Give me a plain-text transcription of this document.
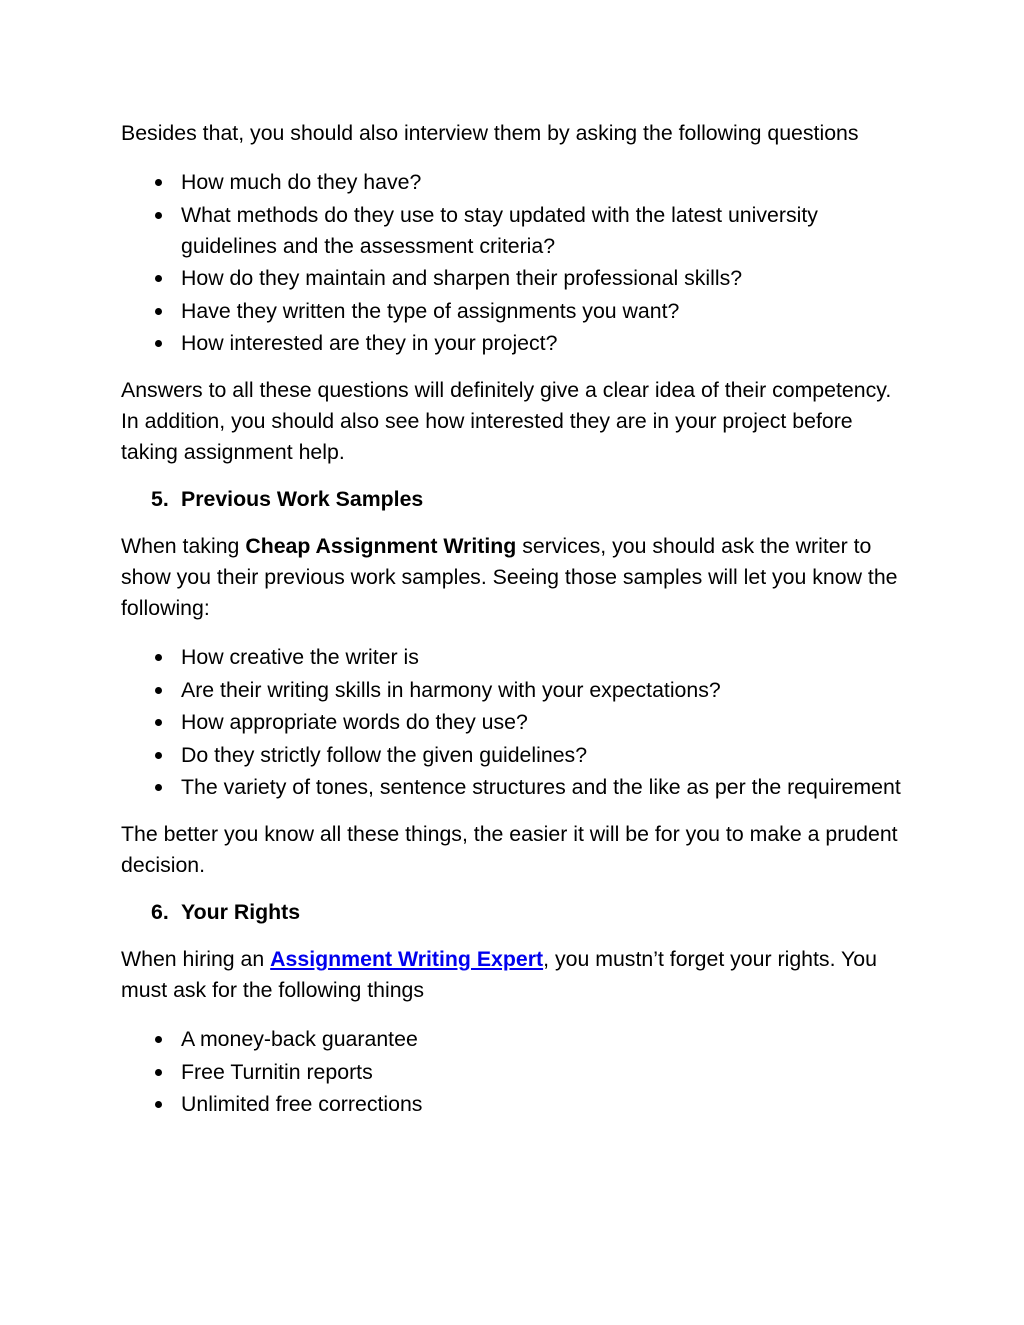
Besides that, you should also interview them by asking the following questions

How much do they have?
What methods do they use to stay updated with the latest university guidelines and the assessment criteria?
How do they maintain and sharpen their professional skills?
Have they written the type of assignments you want?
How interested are they in your project?

Answers to all these questions will definitely give a clear idea of their competency. In addition, you should also see how interested they are in your project before taking assignment help.

5. Previous Work Samples

When taking Cheap Assignment Writing services, you should ask the writer to show you their previous work samples. Seeing those samples will let you know the following:

How creative the writer is
Are their writing skills in harmony with your expectations?
How appropriate words do they use?
Do they strictly follow the given guidelines?
The variety of tones, sentence structures and the like as per the requirement

The better you know all these things, the easier it will be for you to make a prudent decision.

6. Your Rights

When hiring an Assignment Writing Expert, you mustn’t forget your rights. You must ask for the following things

A money-back guarantee
Free Turnitin reports
Unlimited free corrections
